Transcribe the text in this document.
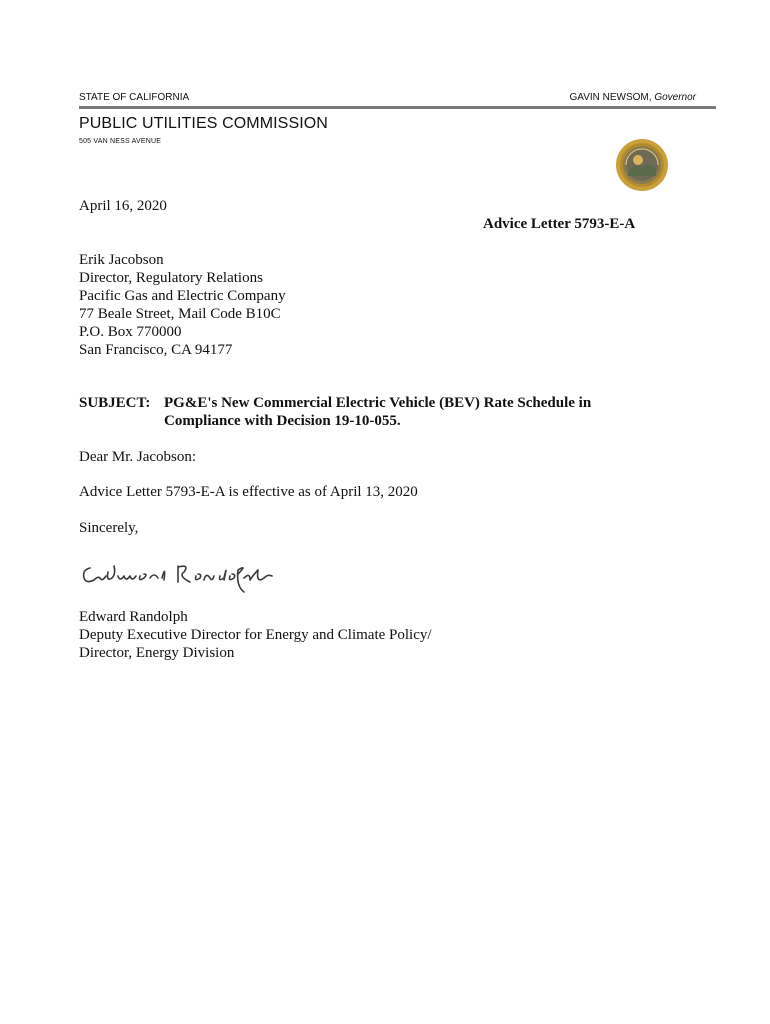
STATE OF CALIFORNIA	GAVIN NEWSOM, Governor
PUBLIC UTILITIES COMMISSION
505 VAN NESS AVENUE
April 16, 2020
Advice Letter 5793-E-A
Erik Jacobson
Director, Regulatory Relations
Pacific Gas and Electric Company
77 Beale Street, Mail Code B10C
P.O. Box 770000
San Francisco, CA 94177
SUBJECT: PG&E's New Commercial Electric Vehicle (BEV) Rate Schedule in
Compliance with Decision 19-10-055.
Dear Mr. Jacobson:
Advice Letter 5793-E-A is effective as of April 13, 2020
Sincerely,
Edward Randolph
Deputy Executive Director for Energy and Climate Policy/
Director, Energy Division
